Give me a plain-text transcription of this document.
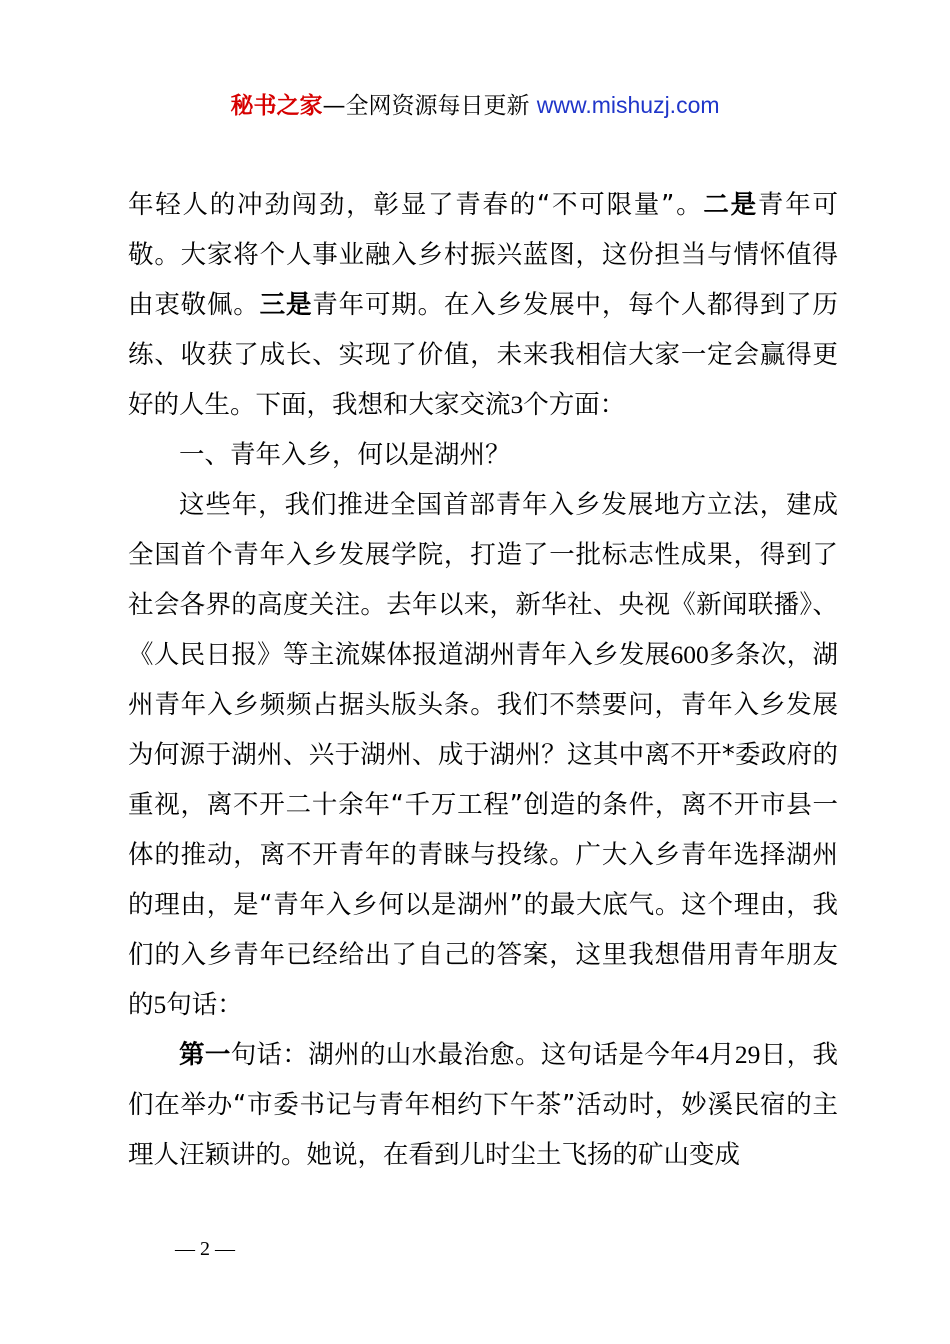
秘书之家—全网资源每日更新 www.mishuzj.com

年轻人的冲劲闯劲，彰显了青春的“不可限量”。二是青年可敬。大家将个人事业融入乡村振兴蓝图，这份担当与情怀值得由衷敬佩。三是青年可期。在入乡发展中，每个人都得到了历练、收获了成长、实现了价值，未来我相信大家一定会赢得更好的人生。下面，我想和大家交流3个方面：

一、青年入乡，何以是湖州？

这些年，我们推进全国首部青年入乡发展地方立法，建成全国首个青年入乡发展学院，打造了一批标志性成果，得到了社会各界的高度关注。去年以来，新华社、央视《新闻联播》、《人民日报》等主流媒体报道湖州青年入乡发展600多条次，湖州青年入乡频频占据头版头条。我们不禁要问，青年入乡发展为何源于湖州、兴于湖州、成于湖州？这其中离不开*委政府的重视，离不开二十余年“千万工程”创造的条件，离不开市县一体的推动，离不开青年的青睐与投缘。广大入乡青年选择湖州的理由，是“青年入乡何以是湖州”的最大底气。这个理由，我们的入乡青年已经给出了自己的答案，这里我想借用青年朋友的5句话：

第一句话：湖州的山水最治愈。这句话是今年4月29日，我们在举办“市委书记与青年相约下午茶”活动时，妙溪民宿的主理人汪颖讲的。她说，在看到儿时尘土飞扬的矿山变成

— 2 —
